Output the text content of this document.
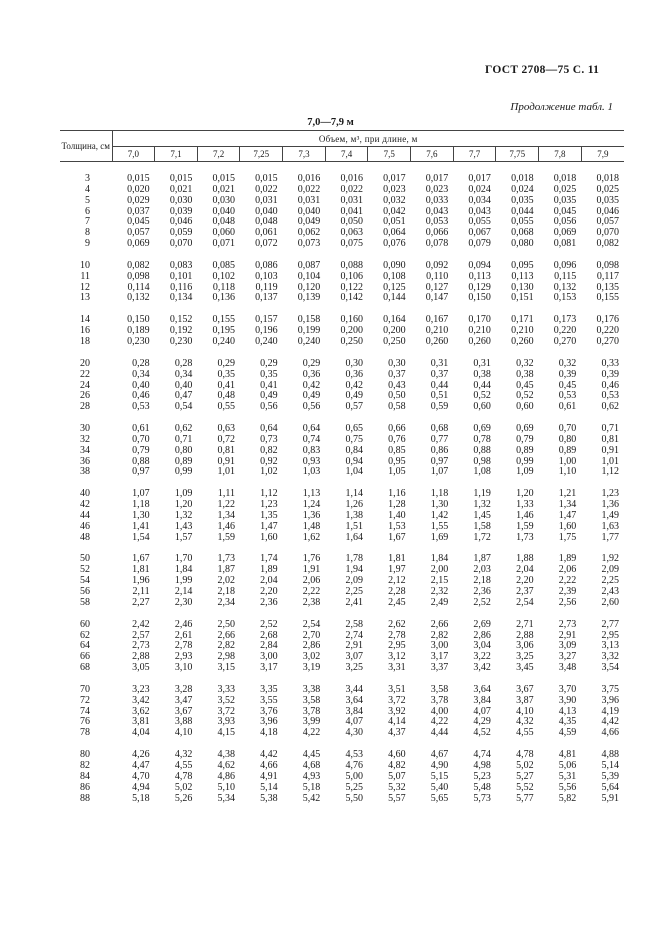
ГОСТ 2708—75 С. 11
Продолжение табл. 1
7,0—7,9 м
Толщина, см	Объем, м³, при длине, м											
	7,0	7,1	7,2	7,25	7,3	7,4	7,5	7,6	7,7	7,75	7,8	7,9

3	0,015	0,015	0,015	0,015	0,016	0,016	0,017	0,017	0,017	0,018	0,018	0,018
4	0,020	0,021	0,021	0,022	0,022	0,022	0,023	0,023	0,024	0,024	0,025	0,025
5	0,029	0,030	0,030	0,031	0,031	0,031	0,032	0,033	0,034	0,035	0,035	0,035
6	0,037	0,039	0,040	0,040	0,040	0,041	0,042	0,043	0,043	0,044	0,045	0,046
7	0,045	0,046	0,048	0,048	0,049	0,050	0,051	0,053	0,055	0,055	0,056	0,057
8	0,057	0,059	0,060	0,061	0,062	0,063	0,064	0,066	0,067	0,068	0,069	0,070
9	0,069	0,070	0,071	0,072	0,073	0,075	0,076	0,078	0,079	0,080	0,081	0,082

10	0,082	0,083	0,085	0,086	0,087	0,088	0,090	0,092	0,094	0,095	0,096	0,098
11	0,098	0,101	0,102	0,103	0,104	0,106	0,108	0,110	0,113	0,113	0,115	0,117
12	0,114	0,116	0,118	0,119	0,120	0,122	0,125	0,127	0,129	0,130	0,132	0,135
13	0,132	0,134	0,136	0,137	0,139	0,142	0,144	0,147	0,150	0,151	0,153	0,155

14	0,150	0,152	0,155	0,157	0,158	0,160	0,164	0,167	0,170	0,171	0,173	0,176
16	0,189	0,192	0,195	0,196	0,199	0,200	0,200	0,210	0,210	0,210	0,220	0,220
18	0,230	0,230	0,240	0,240	0,240	0,250	0,250	0,260	0,260	0,260	0,270	0,270

20	0,28	0,28	0,29	0,29	0,29	0,30	0,30	0,31	0,31	0,32	0,32	0,33
22	0,34	0,34	0,35	0,35	0,36	0,36	0,37	0,37	0,38	0,38	0,39	0,39
24	0,40	0,40	0,41	0,41	0,42	0,42	0,43	0,44	0,44	0,45	0,45	0,46
26	0,46	0,47	0,48	0,49	0,49	0,49	0,50	0,51	0,52	0,52	0,53	0,53
28	0,53	0,54	0,55	0,56	0,56	0,57	0,58	0,59	0,60	0,60	0,61	0,62

30	0,61	0,62	0,63	0,64	0,64	0,65	0,66	0,68	0,69	0,69	0,70	0,71
32	0,70	0,71	0,72	0,73	0,74	0,75	0,76	0,77	0,78	0,79	0,80	0,81
34	0,79	0,80	0,81	0,82	0,83	0,84	0,85	0,86	0,88	0,89	0,89	0,91
36	0,88	0,89	0,91	0,92	0,93	0,94	0,95	0,97	0,98	0,99	1,00	1,01
38	0,97	0,99	1,01	1,02	1,03	1,04	1,05	1,07	1,08	1,09	1,10	1,12

40	1,07	1,09	1,11	1,12	1,13	1,14	1,16	1,18	1,19	1,20	1,21	1,23
42	1,18	1,20	1,22	1,23	1,24	1,26	1,28	1,30	1,32	1,33	1,34	1,36
44	1,30	1,32	1,34	1,35	1,36	1,38	1,40	1,42	1,45	1,46	1,47	1,49
46	1,41	1,43	1,46	1,47	1,48	1,51	1,53	1,55	1,58	1,59	1,60	1,63
48	1,54	1,57	1,59	1,60	1,62	1,64	1,67	1,69	1,72	1,73	1,75	1,77

50	1,67	1,70	1,73	1,74	1,76	1,78	1,81	1,84	1,87	1,88	1,89	1,92
52	1,81	1,84	1,87	1,89	1,91	1,94	1,97	2,00	2,03	2,04	2,06	2,09
54	1,96	1,99	2,02	2,04	2,06	2,09	2,12	2,15	2,18	2,20	2,22	2,25
56	2,11	2,14	2,18	2,20	2,22	2,25	2,28	2,32	2,36	2,37	2,39	2,43
58	2,27	2,30	2,34	2,36	2,38	2,41	2,45	2,49	2,52	2,54	2,56	2,60

60	2,42	2,46	2,50	2,52	2,54	2,58	2,62	2,66	2,69	2,71	2,73	2,77
62	2,57	2,61	2,66	2,68	2,70	2,74	2,78	2,82	2,86	2,88	2,91	2,95
64	2,73	2,78	2,82	2,84	2,86	2,91	2,95	3,00	3,04	3,06	3,09	3,13
66	2,88	2,93	2,98	3,00	3,02	3,07	3,12	3,17	3,22	3,25	3,27	3,32
68	3,05	3,10	3,15	3,17	3,19	3,25	3,31	3,37	3,42	3,45	3,48	3,54

70	3,23	3,28	3,33	3,35	3,38	3,44	3,51	3,58	3,64	3,67	3,70	3,75
72	3,42	3,47	3,52	3,55	3,58	3,64	3,72	3,78	3,84	3,87	3,90	3,96
74	3,62	3,67	3,72	3,76	3,78	3,84	3,92	4,00	4,07	4,10	4,13	4,19
76	3,81	3,88	3,93	3,96	3,99	4,07	4,14	4,22	4,29	4,32	4,35	4,42
78	4,04	4,10	4,15	4,18	4,22	4,30	4,37	4,44	4,52	4,55	4,59	4,66

80	4,26	4,32	4,38	4,42	4,45	4,53	4,60	4,67	4,74	4,78	4,81	4,88
82	4,47	4,55	4,62	4,66	4,68	4,76	4,82	4,90	4,98	5,02	5,06	5,14
84	4,70	4,78	4,86	4,91	4,93	5,00	5,07	5,15	5,23	5,27	5,31	5,39
86	4,94	5,02	5,10	5,14	5,18	5,25	5,32	5,40	5,48	5,52	5,56	5,64
88	5,18	5,26	5,34	5,38	5,42	5,50	5,57	5,65	5,73	5,77	5,82	5,91
